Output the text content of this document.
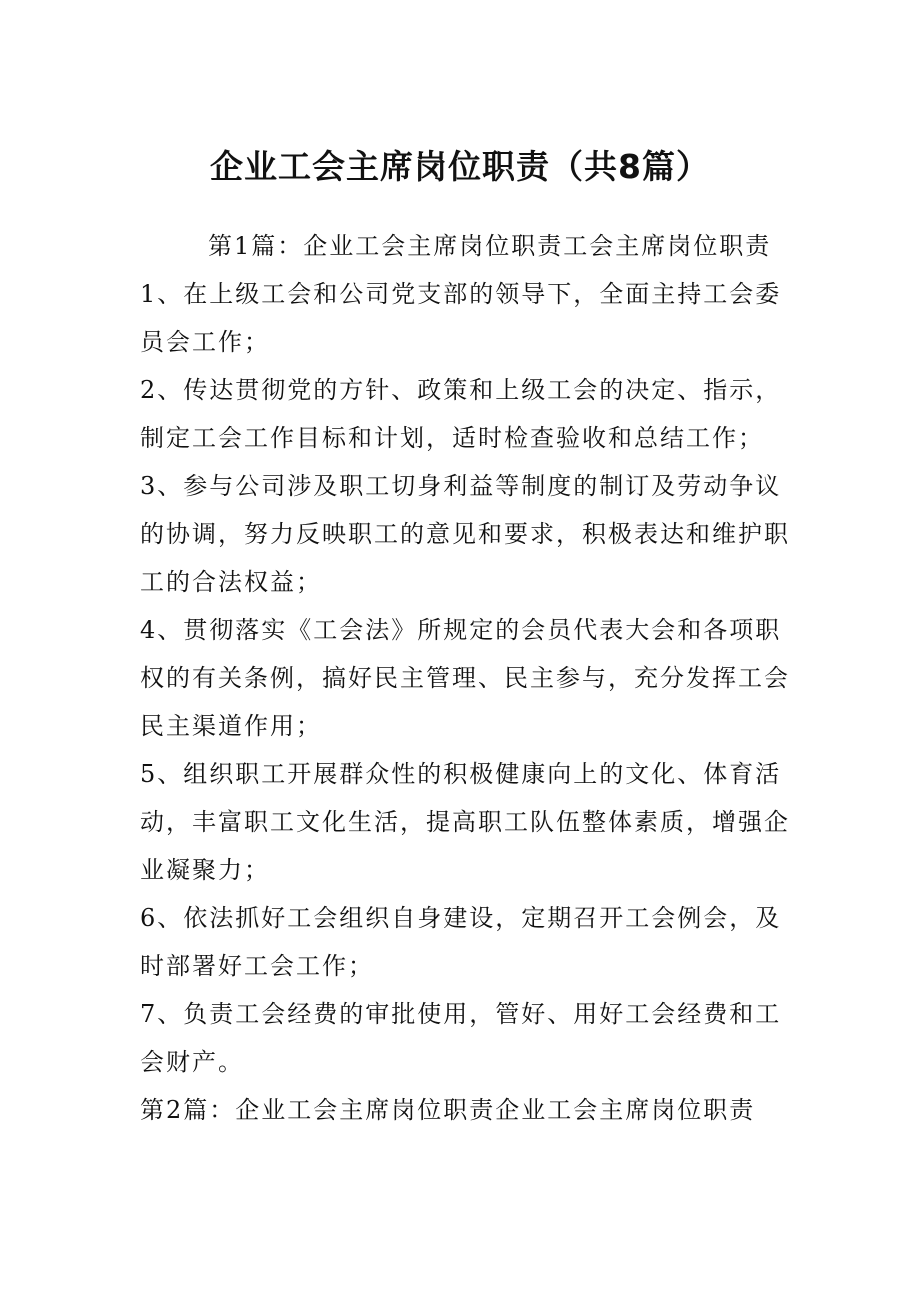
企业工会主席岗位职责（共8篇）

第1篇：企业工会主席岗位职责工会主席岗位职责

1、在上级工会和公司党支部的领导下，全面主持工会委员会工作；

2、传达贯彻党的方针、政策和上级工会的决定、指示，制定工会工作目标和计划，适时检查验收和总结工作；

3、参与公司涉及职工切身利益等制度的制订及劳动争议的协调，努力反映职工的意见和要求，积极表达和维护职工的合法权益；

4、贯彻落实《工会法》所规定的会员代表大会和各项职权的有关条例，搞好民主管理、民主参与，充分发挥工会民主渠道作用；

5、组织职工开展群众性的积极健康向上的文化、体育活动，丰富职工文化生活，提高职工队伍整体素质，增强企业凝聚力；

6、依法抓好工会组织自身建设，定期召开工会例会，及时部署好工会工作；

7、负责工会经费的审批使用，管好、用好工会经费和工会财产。

第2篇：企业工会主席岗位职责企业工会主席岗位职责
